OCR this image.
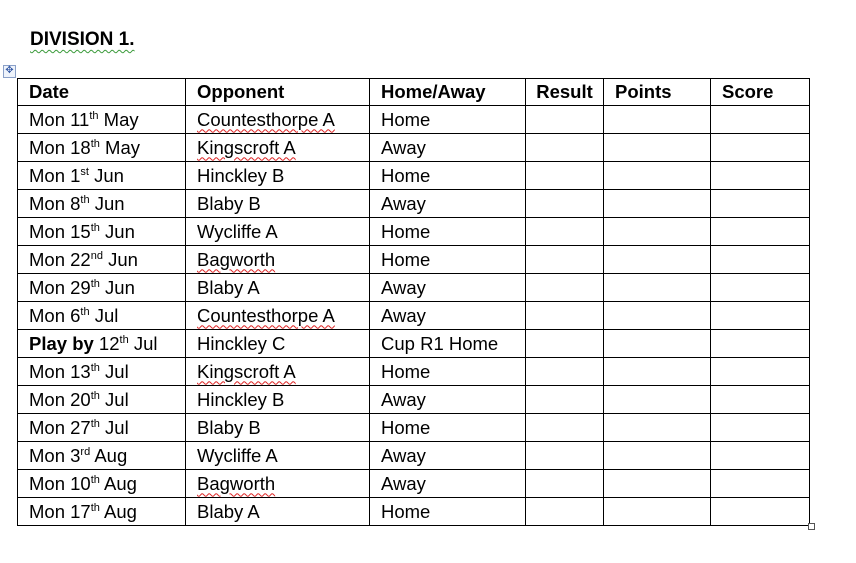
DIVISION 1.
✥
Date	Opponent	Home/Away	Result	Points	Score
Mon 11th May	Countesthorpe A	Home			
Mon 18th May	Kingscroft A	Away			
Mon 1st Jun	Hinckley B	Home			
Mon 8th Jun	Blaby B	Away			
Mon 15th Jun	Wycliffe A	Home			
Mon 22nd Jun	Bagworth	Home			
Mon 29th Jun	Blaby A	Away			
Mon 6th Jul	Countesthorpe A	Away			
Play by 12th Jul	Hinckley C	Cup R1 Home			
Mon 13th Jul	Kingscroft A	Home			
Mon 20th Jul	Hinckley B	Away			
Mon 27th Jul	Blaby B	Home			
Mon 3rd Aug	Wycliffe A	Away			
Mon 10th Aug	Bagworth	Away			
Mon 17th Aug	Blaby A	Home			
